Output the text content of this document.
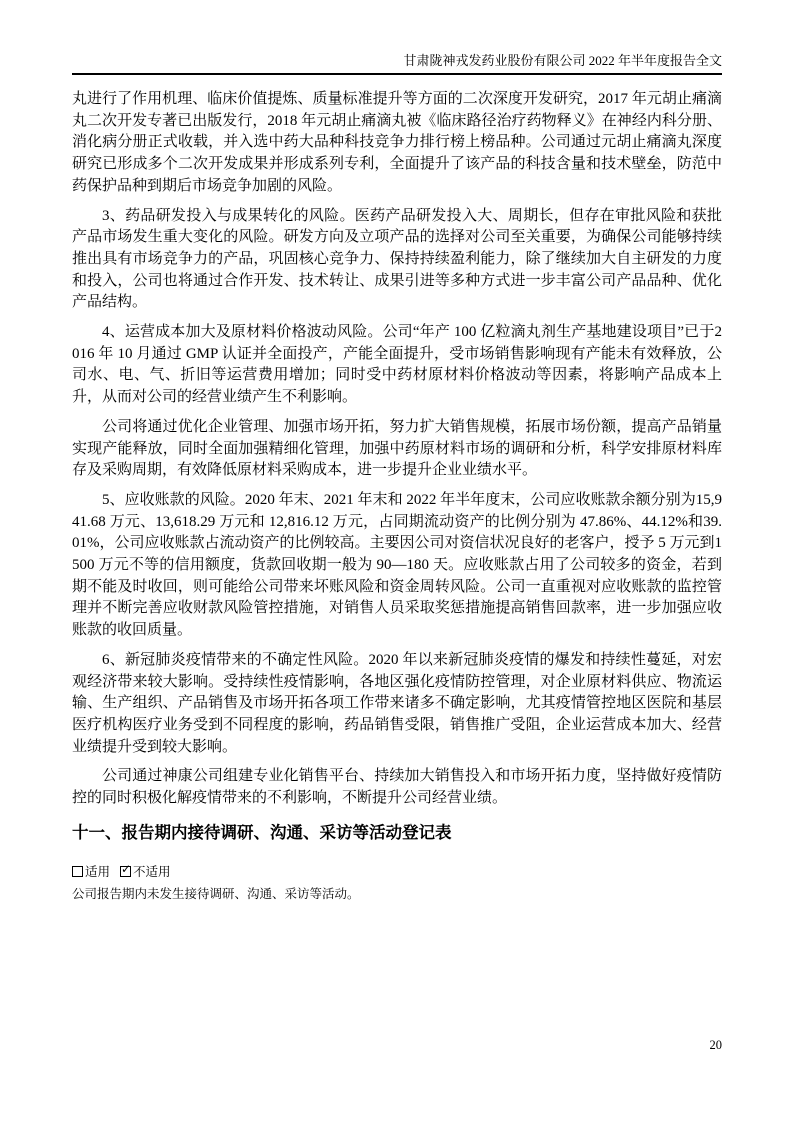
甘肃陇神戎发药业股份有限公司 2022 年半年度报告全文

丸进行了作用机理、临床价值提炼、质量标准提升等方面的二次深度开发研究，2017 年元胡止痛滴丸二次开发专著已出版发行，2018 年元胡止痛滴丸被《临床路径治疗药物释义》在神经内科分册、消化病分册正式收载，并入选中药大品种科技竞争力排行榜上榜品种。公司通过元胡止痛滴丸深度研究已形成多个二次开发成果并形成系列专利，全面提升了该产品的科技含量和技术壁垒，防范中药保护品种到期后市场竞争加剧的风险。

3、药品研发投入与成果转化的风险。医药产品研发投入大、周期长，但存在审批风险和获批产品市场发生重大变化的风险。研发方向及立项产品的选择对公司至关重要，为确保公司能够持续推出具有市场竞争力的产品，巩固核心竞争力、保持持续盈利能力，除了继续加大自主研发的力度和投入，公司也将通过合作开发、技术转让、成果引进等多种方式进一步丰富公司产品品种、优化产品结构。

4、运营成本加大及原材料价格波动风险。公司“年产 100 亿粒滴丸剂生产基地建设项目”已于2016 年 10 月通过 GMP 认证并全面投产，产能全面提升，受市场销售影响现有产能未有效释放，公司水、电、气、折旧等运营费用增加；同时受中药材原材料价格波动等因素，将影响产品成本上升，从而对公司的经营业绩产生不利影响。

公司将通过优化企业管理、加强市场开拓，努力扩大销售规模，拓展市场份额，提高产品销量实现产能释放，同时全面加强精细化管理，加强中药原材料市场的调研和分析，科学安排原材料库存及采购周期，有效降低原材料采购成本，进一步提升企业业绩水平。

5、应收账款的风险。2020 年末、2021 年末和 2022 年半年度末，公司应收账款余额分别为15,941.68 万元、13,618.29 万元和 12,816.12 万元，占同期流动资产的比例分别为 47.86%、44.12%和39.01%，公司应收账款占流动资产的比例较高。主要因公司对资信状况良好的老客户，授予 5 万元到1500 万元不等的信用额度，货款回收期一般为 90—180 天。应收账款占用了公司较多的资金，若到期不能及时收回，则可能给公司带来坏账风险和资金周转风险。公司一直重视对应收账款的监控管理并不断完善应收财款风险管控措施，对销售人员采取奖惩措施提高销售回款率，进一步加强应收账款的收回质量。

6、新冠肺炎疫情带来的不确定性风险。2020 年以来新冠肺炎疫情的爆发和持续性蔓延，对宏观经济带来较大影响。受持续性疫情影响，各地区强化疫情防控管理，对企业原材料供应、物流运输、生产组织、产品销售及市场开拓各项工作带来诸多不确定影响，尤其疫情管控地区医院和基层医疗机构医疗业务受到不同程度的影响，药品销售受限，销售推广受阻，企业运营成本加大、经营业绩提升受到较大影响。

公司通过神康公司组建专业化销售平台、持续加大销售投入和市场开拓力度，坚持做好疫情防控的同时积极化解疫情带来的不利影响，不断提升公司经营业绩。

十一、报告期内接待调研、沟通、采访等活动登记表
适用 ✓ 不适用
公司报告期内未发生接待调研、沟通、采访等活动。
20
